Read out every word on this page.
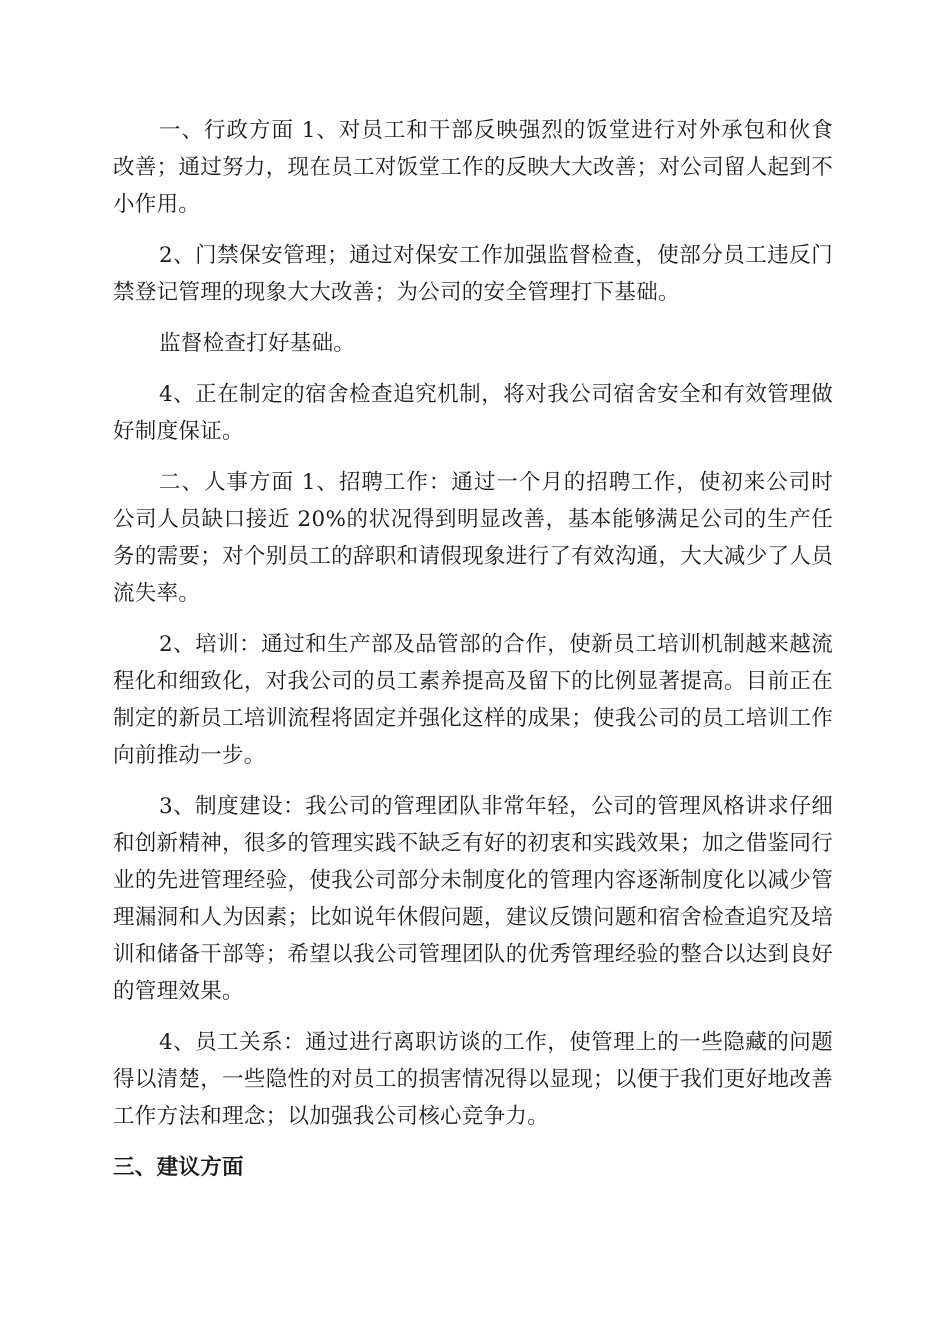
一、行政方面 1、对员工和干部反映强烈的饭堂进行对外承包和伙食改善；通过努力，现在员工对饭堂工作的反映大大改善；对公司留人起到不小作用。

2、门禁保安管理；通过对保安工作加强监督检查，使部分员工违反门禁登记管理的现象大大改善；为公司的安全管理打下基础。

监督检查打好基础。

4、正在制定的宿舍检查追究机制，将对我公司宿舍安全和有效管理做好制度保证。

二、人事方面 1、招聘工作：通过一个月的招聘工作，使初来公司时公司人员缺口接近 20%的状况得到明显改善，基本能够满足公司的生产任务的需要；对个别员工的辞职和请假现象进行了有效沟通，大大减少了人员流失率。

2、培训：通过和生产部及品管部的合作，使新员工培训机制越来越流程化和细致化，对我公司的员工素养提高及留下的比例显著提高。目前正在制定的新员工培训流程将固定并强化这样的成果；使我公司的员工培训工作向前推动一步。

3、制度建设：我公司的管理团队非常年轻，公司的管理风格讲求仔细和创新精神，很多的管理实践不缺乏有好的初衷和实践效果；加之借鉴同行业的先进管理经验，使我公司部分未制度化的管理内容逐渐制度化以减少管理漏洞和人为因素；比如说年休假问题，建议反馈问题和宿舍检查追究及培训和储备干部等；希望以我公司管理团队的优秀管理经验的整合以达到良好的管理效果。

4、员工关系：通过进行离职访谈的工作，使管理上的一些隐藏的问题得以清楚，一些隐性的对员工的损害情况得以显现；以便于我们更好地改善工作方法和理念；以加强我公司核心竞争力。

三、建议方面
